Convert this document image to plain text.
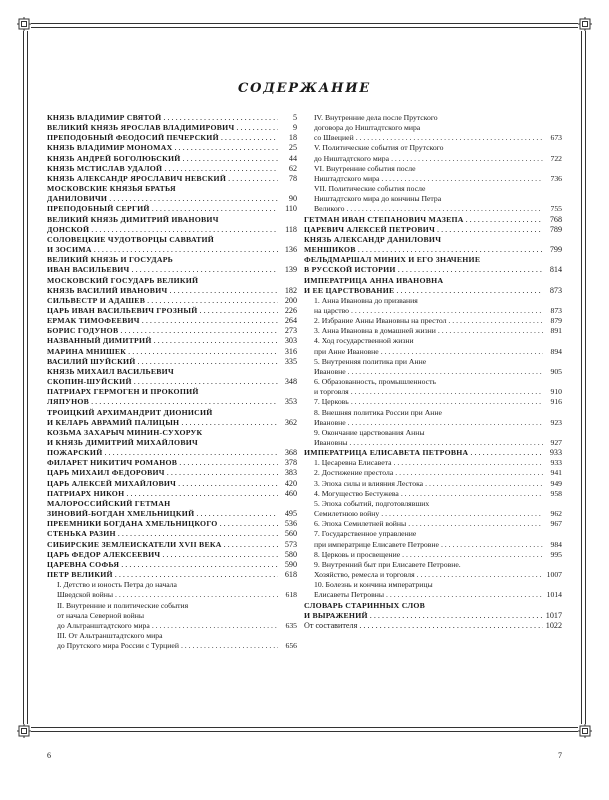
СОДЕРЖАНИЕ
КНЯЗЬ ВЛАДИМИР СВЯТОЙ . . .	5
ВЕЛИКИЙ КНЯЗЬ ЯРОСЛАВ ВЛАДИМИРОВИЧ . . .	9
ПРЕПОДОБНЫЙ ФЕОДОСИЙ ПЕЧЕРСКИЙ . . .	18
КНЯЗЬ ВЛАДИМИР МОНОМАХ . . .	25
КНЯЗЬ АНДРЕЙ БОГОЛЮБСКИЙ . . .	44
КНЯЗЬ МСТИСЛАВ УДАЛОЙ . . .	62
КНЯЗЬ АЛЕКСАНДР ЯРОСЛАВИЧ НЕВСКИЙ . . .	78
МОСКОВСКИЕ КНЯЗЬЯ БРАТЬЯ
ДАНИЛОВИЧИ . . .	90
ПРЕПОДОБНЫЙ СЕРГИЙ . . .	110
ВЕЛИКИЙ КНЯЗЬ ДИМИТРИЙ ИВАНОВИЧ
ДОНСКОЙ . . .	118
СОЛОВЕЦКИЕ ЧУДОТВОРЦЫ САВВАТИЙ
И ЗОСИМА . . .	136
ВЕЛИКИЙ КНЯЗЬ И ГОСУДАРЬ
ИВАН ВАСИЛЬЕВИЧ . . .	139
МОСКОВСКИЙ ГОСУДАРЬ ВЕЛИКИЙ
КНЯЗЬ ВАСИЛИЙ ИВАНОВИЧ . . .	182
СИЛЬВЕСТР И АДАШЕВ . . .	200
ЦАРЬ ИВАН ВАСИЛЬЕВИЧ ГРОЗНЫЙ . . .	226
ЕРМАК ТИМОФЕЕВИЧ . . .	264
БОРИС ГОДУНОВ . . .	273
НАЗВАННЫЙ ДИМИТРИЙ . . .	303
МАРИНА МНИШЕК . . .	316
ВАСИЛИЙ ШУЙСКИЙ . . .	335
КНЯЗЬ МИХАИЛ ВАСИЛЬЕВИЧ
СКОПИН-ШУЙСКИЙ . . .	348
ПАТРИАРХ ГЕРМОГЕН И ПРОКОПИЙ
ЛЯПУНОВ . . .	353
ТРОИЦКИЙ АРХИМАНДРИТ ДИОНИСИЙ
И КЕЛАРЬ АВРАМИЙ ПАЛИЦЫН . . .	362
КОЗЬМА ЗАХАРЫЧ МИНИН-СУХОРУК
И КНЯЗЬ ДИМИТРИЙ МИХАЙЛОВИЧ
ПОЖАРСКИЙ . . .	368
ФИЛАРЕТ НИКИТИЧ РОМАНОВ . . .	378
ЦАРЬ МИХАИЛ ФЕДОРОВИЧ . . .	383
ЦАРЬ АЛЕКСЕЙ МИХАЙЛОВИЧ . . .	420
ПАТРИАРХ НИКОН . . .	460
МАЛОРОССИЙСКИЙ ГЕТМАН
ЗИНОВИЙ-БОГДАН ХМЕЛЬНИЦКИЙ . . .	495
ПРЕЕМНИКИ БОГДАНА ХМЕЛЬНИЦКОГО . . .	536
СТЕНЬКА РАЗИН . . .	560
СИБИРСКИЕ ЗЕМЛЕИСКАТЕЛИ XVII ВЕКА . . .	573
ЦАРЬ ФЕДОР АЛЕКСЕЕВИЧ . . .	580
ЦАРЕВНА СОФЬЯ . . .	590
ПЕТР ВЕЛИКИЙ . . .	618
I. Детство и юность Петра до начала
Шведской войны . . .	618
II. Внутренние и политические события
от начала Северной войны
до Альтранштадтского мира . . .	635
III. От Альтранштадтского мира
до Прутского мира России с Турцией . . .	656
IV. Внутренние дела после Прутского
договора до Ништадтского мира
со Швецией . . .	673
V. Политические события от Прутского
до Ништадтского мира . . .	722
VI. Внутренние события после
Ништадтского мира . . .	736
VII. Политические события после
Ништадтского мира до кончины Петра
Великого . . .	755
ГЕТМАН ИВАН СТЕПАНОВИЧ МАЗЕПА . . .	768
ЦАРЕВИЧ АЛЕКСЕЙ ПЕТРОВИЧ . . .	789
КНЯЗЬ АЛЕКСАНДР ДАНИЛОВИЧ
МЕНШИКОВ . . .	799
ФЕЛЬДМАРШАЛ МИНИХ И ЕГО ЗНАЧЕНИЕ
В РУССКОЙ ИСТОРИИ . . .	814
ИМПЕРАТРИЦА АННА ИВАНОВНА
И ЕЕ ЦАРСТВОВАНИЕ . . .	873
1. Анна Ивановна до призвания
на царство . . .	873
2. Избрание Анны Ивановны на престол . . .	879
3. Анна Ивановна в домашней жизни . . .	891
4. Ход государственной жизни
при Анне Ивановне . . .	894
5. Внутренняя политика при Анне
Ивановне . . .	905
6. Образованность, промышленность
и торговля . . .	910
7. Церковь . . .	916
8. Внешняя политика России при Анне
Ивановне . . .	923
9. Окончание царствования Анны
Ивановны . . .	927
ИМПЕРАТРИЦА ЕЛИСАВЕТА ПЕТРОВНА . . .	933
1. Цесаревна Елисавета . . .	933
2. Достижение престола . . .	941
3. Эпоха силы и влияния Лестока . . .	949
4. Могущество Бестужева . . .	958
5. Эпоха событий, подготовлявших
Семилетнюю войну . . .	962
6. Эпоха Семилетней войны . . .	967
7. Государственное управление
при императрице Елисавете Петровне . . .	984
8. Церковь и просвещение . . .	995
9. Внутренний быт при Елисавете Петровне.
Хозяйство, ремесла и торговля . . .	1007
10. Болезнь и кончина императрицы
Елисаветы Петровны . . .	1014
СЛОВАРЬ СТАРИННЫХ СЛОВ
И ВЫРАЖЕНИЙ . . .	1017
От составителя . . .	1022
6	7
